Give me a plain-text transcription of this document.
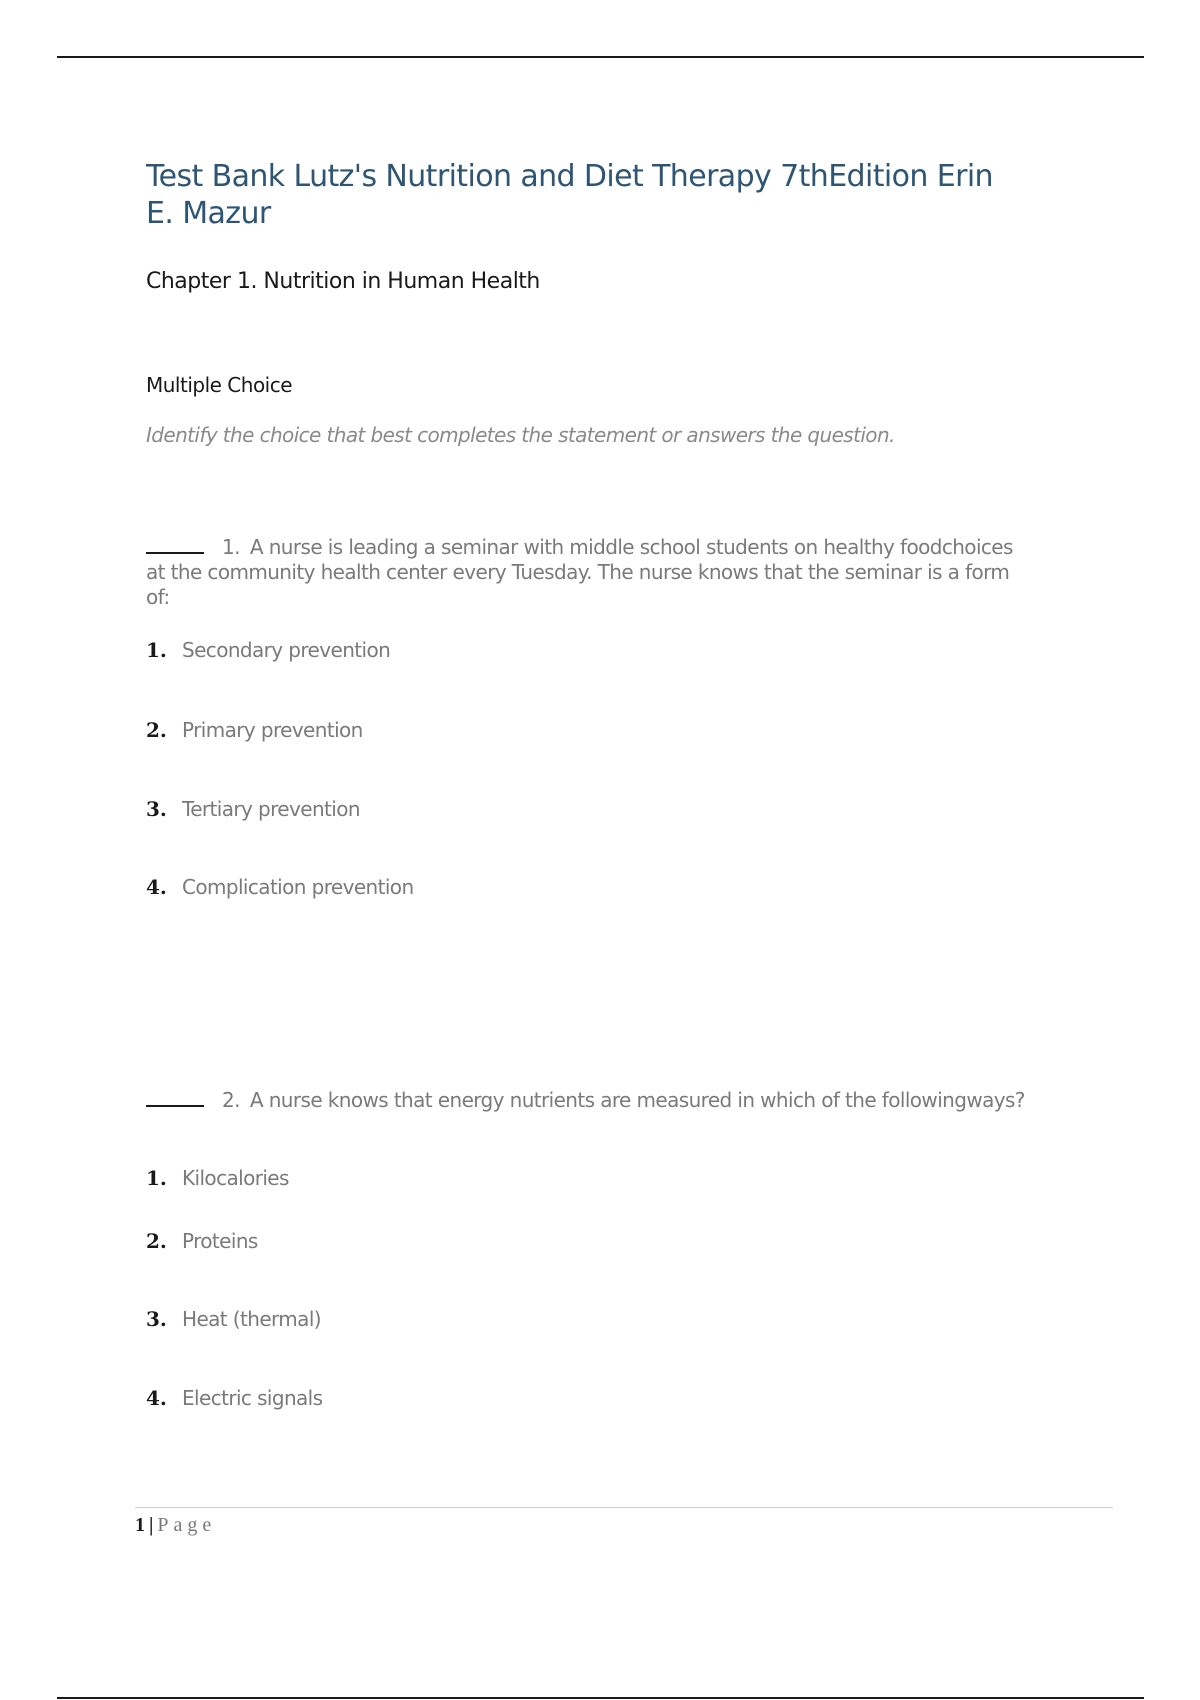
Test Bank Lutz's Nutrition and Diet Therapy 7thEdition Erin E. Mazur
Chapter 1. Nutrition in Human Health
Multiple Choice

Identify the choice that best completes the statement or answers the question.

1. A nurse is leading a seminar with middle school students on healthy foodchoices at the community health center every Tuesday. The nurse knows that the seminar is a form of:
1. Secondary prevention
2. Primary prevention
3. Tertiary prevention
4. Complication prevention
2. A nurse knows that energy nutrients are measured in which of the followingways?
1. Kilocalories
2. Proteins
3. Heat (thermal)
4. Electric signals
1 | Page
